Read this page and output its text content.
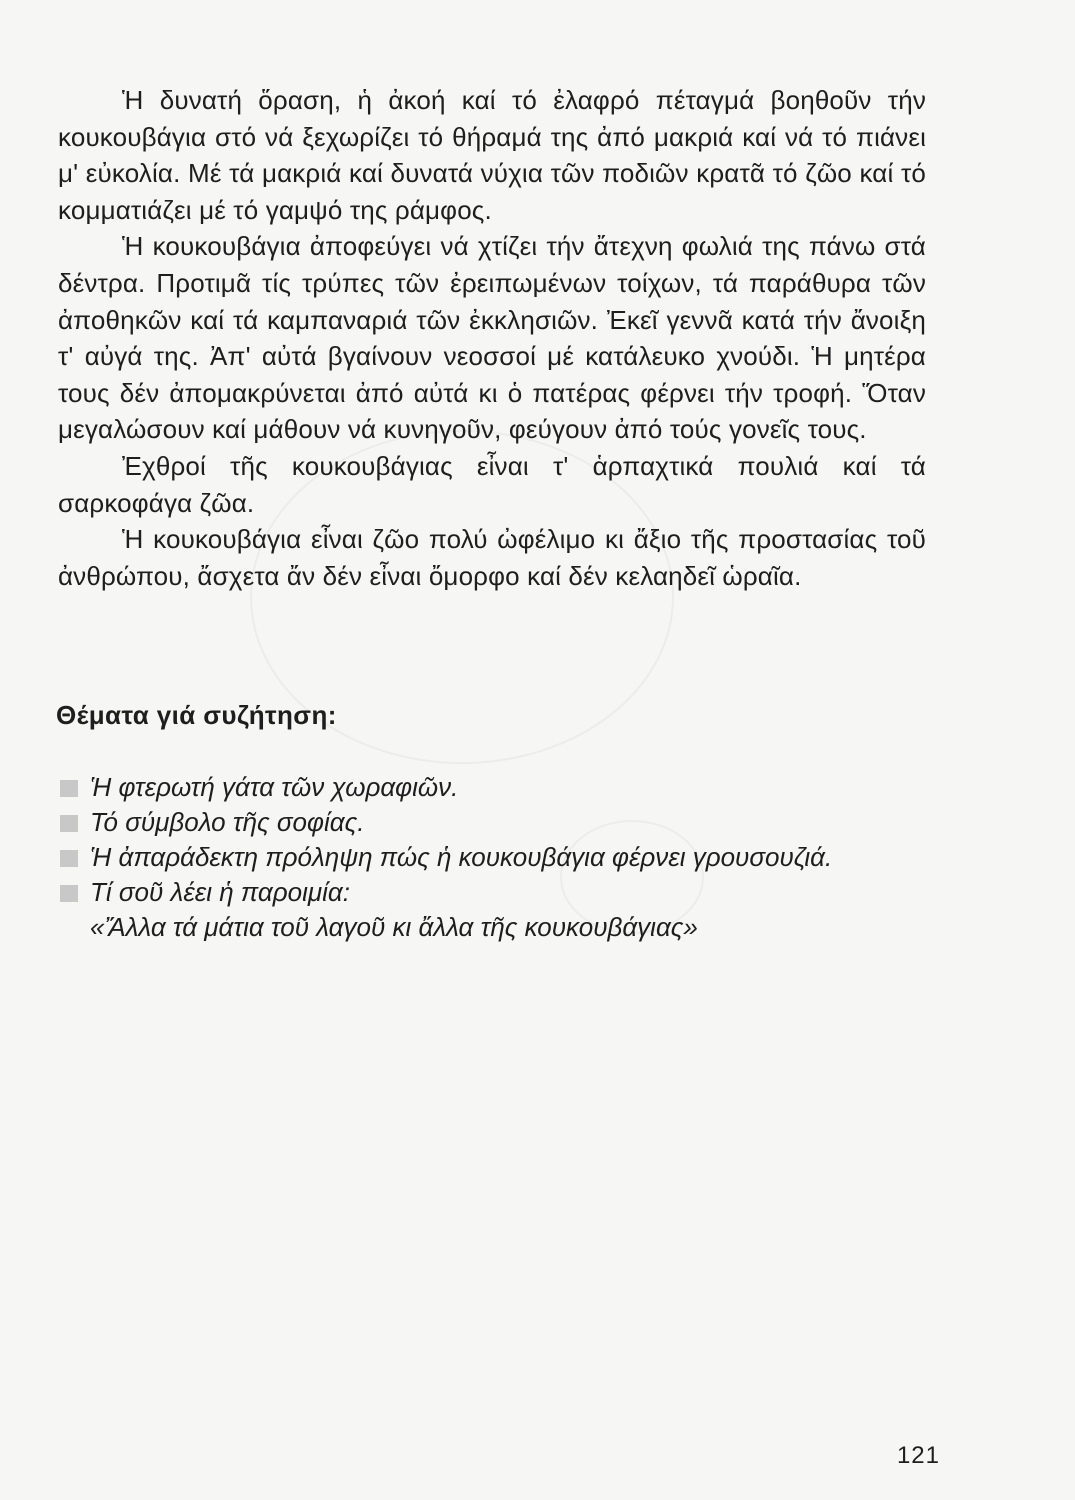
Ἡ δυνατή ὅραση, ἡ ἀκοή καί τό ἐλαφρό πέταγμά βοηθοῦν τήν κουκουβάγια στό νά ξεχωρίζει τό θήραμά της ἀπό μακριά καί νά τό πιάνει μ' εὐκολία. Μέ τά μακριά καί δυνατά νύχια τῶν ποδιῶν κρατᾶ τό ζῶο καί τό κομματιάζει μέ τό γαμψό της ράμφος.

Ἡ κουκουβάγια ἀποφεύγει νά χτίζει τήν ἄτεχνη φωλιά της πάνω στά δέντρα. Προτιμᾶ τίς τρύπες τῶν ἐρειπωμένων τοίχων, τά παράθυρα τῶν ἀποθηκῶν καί τά καμπαναριά τῶν ἐκκλησιῶν. Ἐκεῖ γεννᾶ κατά τήν ἄνοιξη τ' αὐγά της. Ἀπ' αὐτά βγαίνουν νεοσσοί μέ κατάλευκο χνούδι. Ἡ μητέρα τους δέν ἀπομακρύνεται ἀπό αὐτά κι ὁ πατέρας φέρνει τήν τροφή. Ὅταν μεγαλώσουν καί μάθουν νά κυνηγοῦν, φεύγουν ἀπό τούς γονεῖς τους.

Ἐχθροί τῆς κουκουβάγιας εἶναι τ' ἁρπαχτικά πουλιά καί τά σαρκοφάγα ζῶα.

Ἡ κουκουβάγια εἶναι ζῶο πολύ ὠφέλιμο κι ἄξιο τῆς προστασίας τοῦ ἀνθρώπου, ἄσχετα ἄν δέν εἶναι ὄμορφο καί δέν κελαηδεῖ ὡραῖα.

Θέματα γιά συζήτηση:
Ἡ φτερωτή γάτα τῶν χωραφιῶν.
Τό σύμβολο τῆς σοφίας.
Ἡ ἀπαράδεκτη πρόληψη πώς ἡ κουκουβάγια φέρνει γρουσουζιά.
Τί σοῦ λέει ἡ παροιμία:
«Ἄλλα τά μάτια τοῦ λαγοῦ κι ἄλλα τῆς κουκουβάγιας»

121
